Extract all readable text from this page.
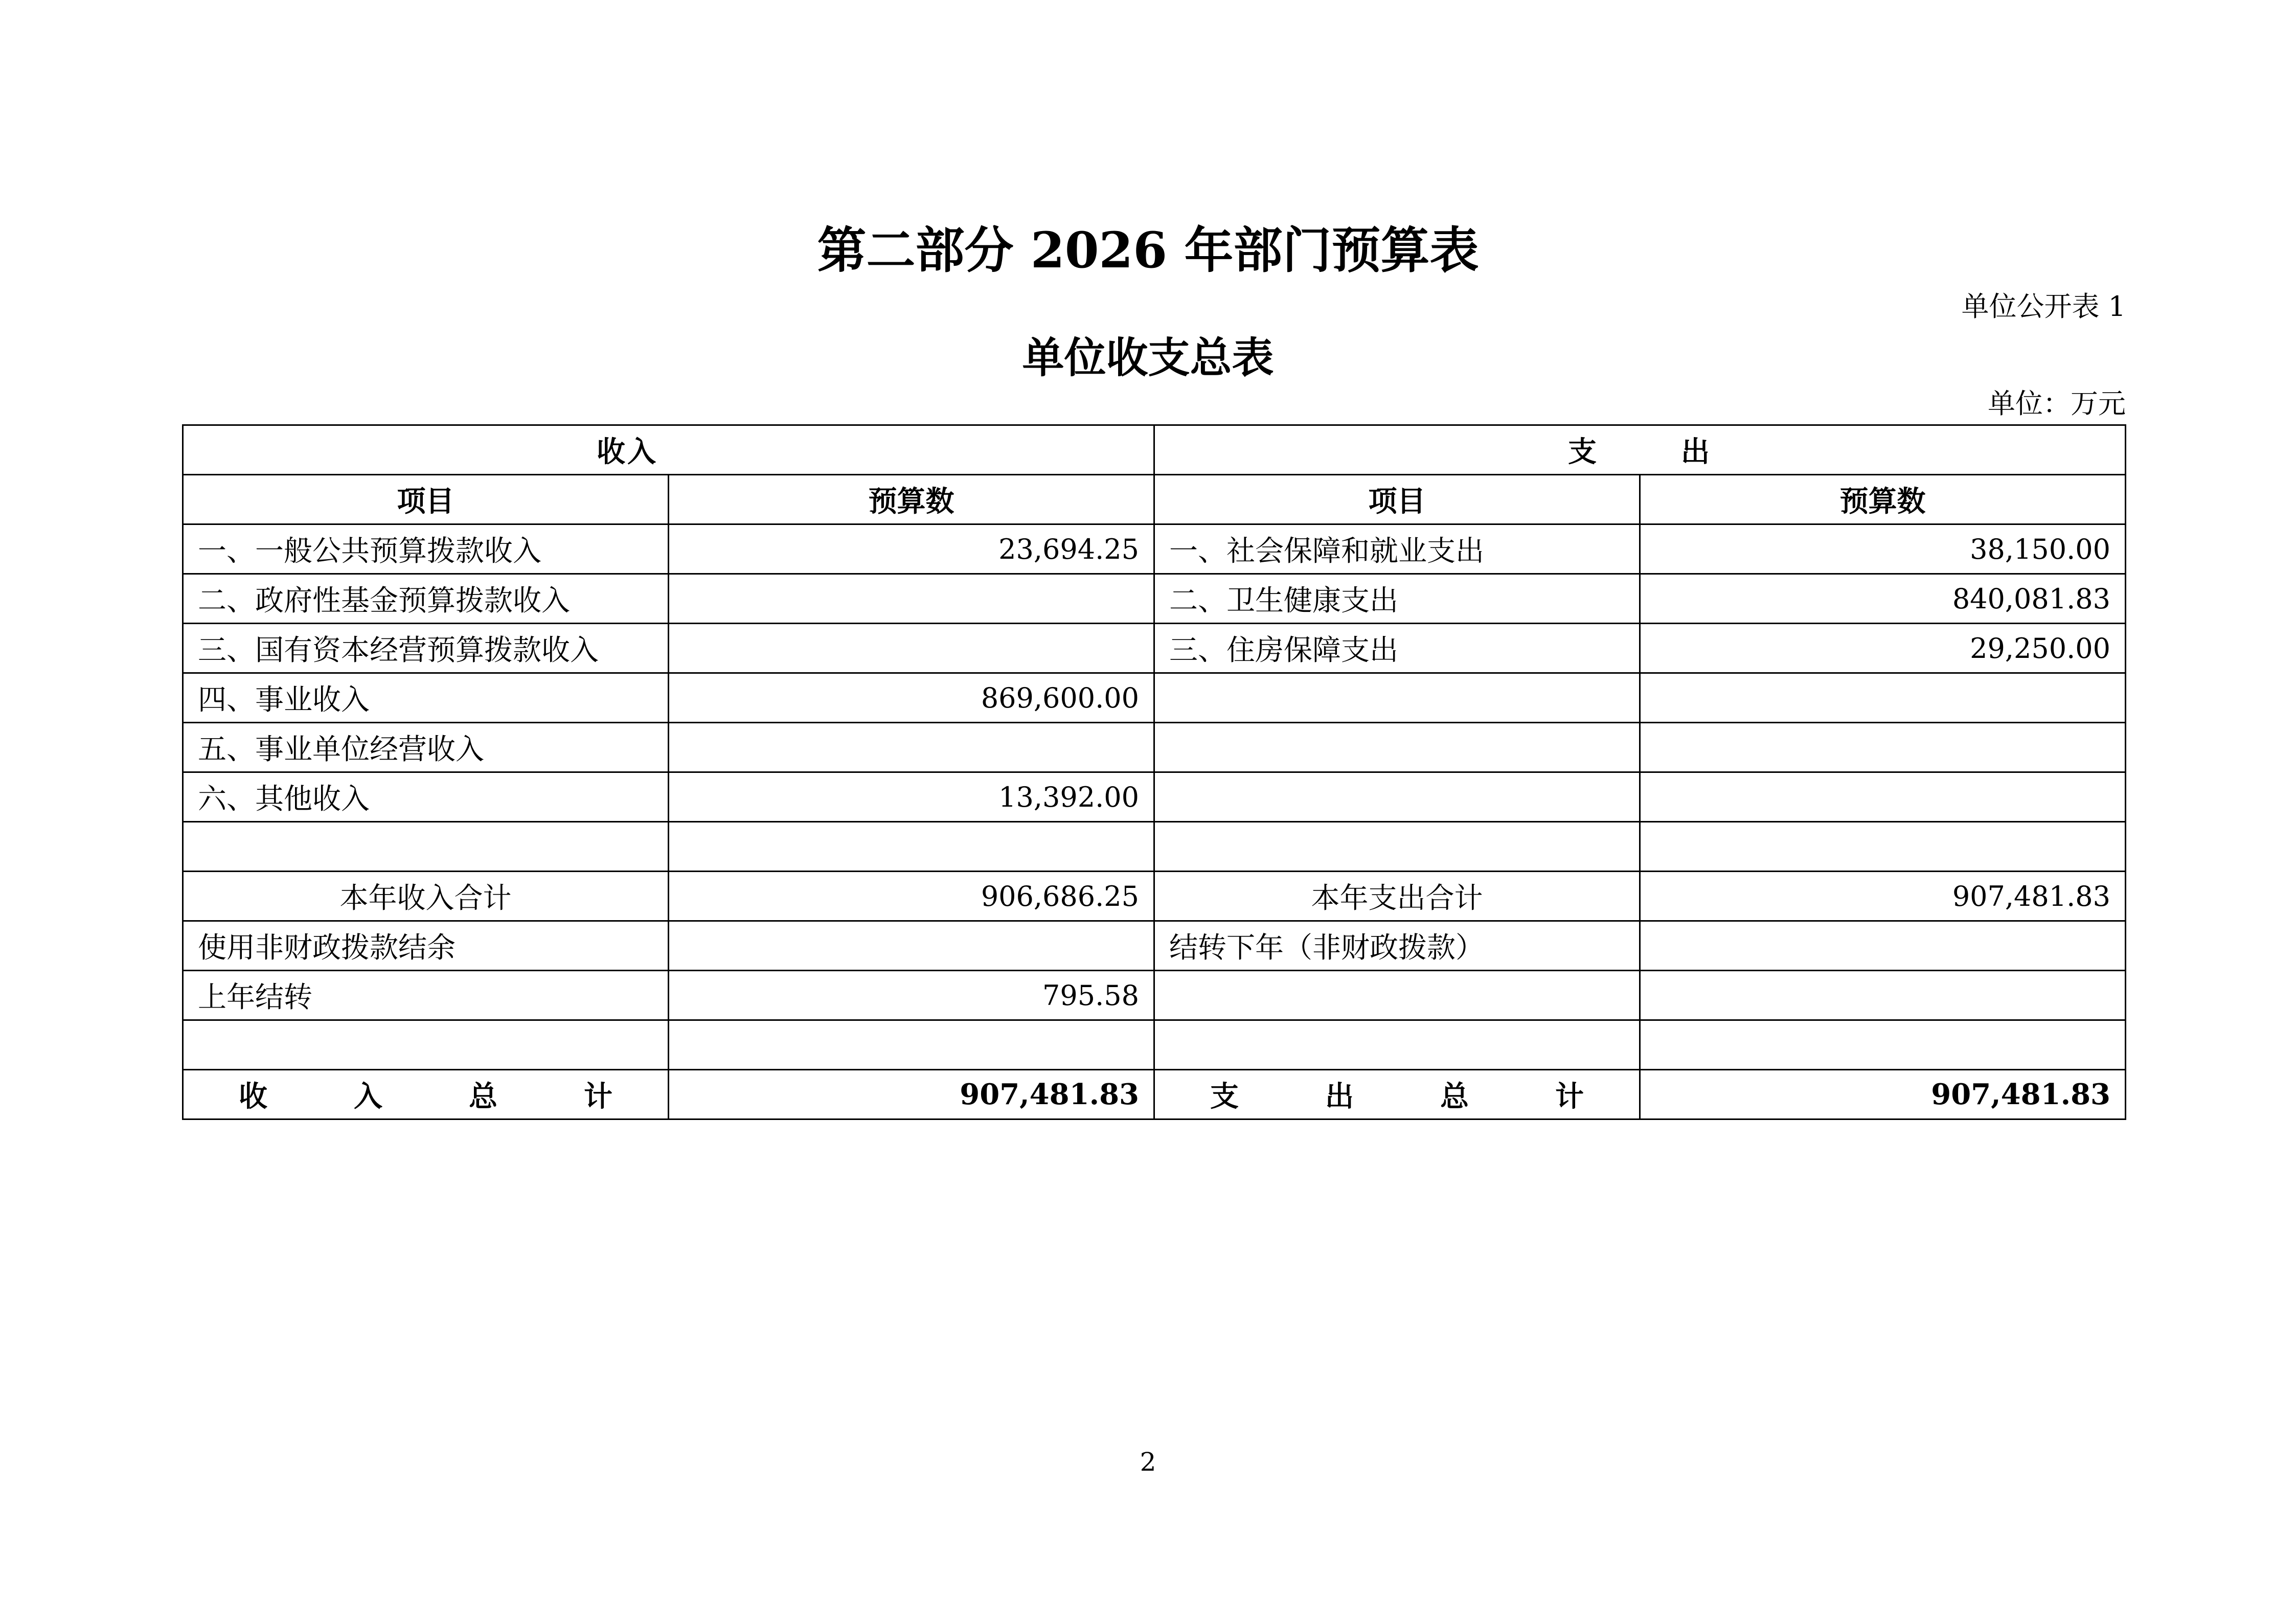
第二部分 2026 年部门预算表
单位公开表 1
单位收支总表
单位：万元
收 入		支 出	

项目	预算数	项目	预算数
一、一般公共预算拨款收入	23,694.25	一、社会保障和就业支出	38,150.00
二、政府性基金预算拨款收入		二、卫生健康支出	840,081.83
三、国有资本经营预算拨款收入		三、住房保障支出	29,250.00
四、事业收入	869,600.00		
五、事业单位经营收入			
六、其他收入	13,392.00		

本年收入合计	906,686.25	本年支出合计	907,481.83
使用非财政拨款结余		结转下年（非财政拨款）	
上年结转	795.58		

收 入 总 计	907,481.83	支 出 总 计	907,481.83
2
